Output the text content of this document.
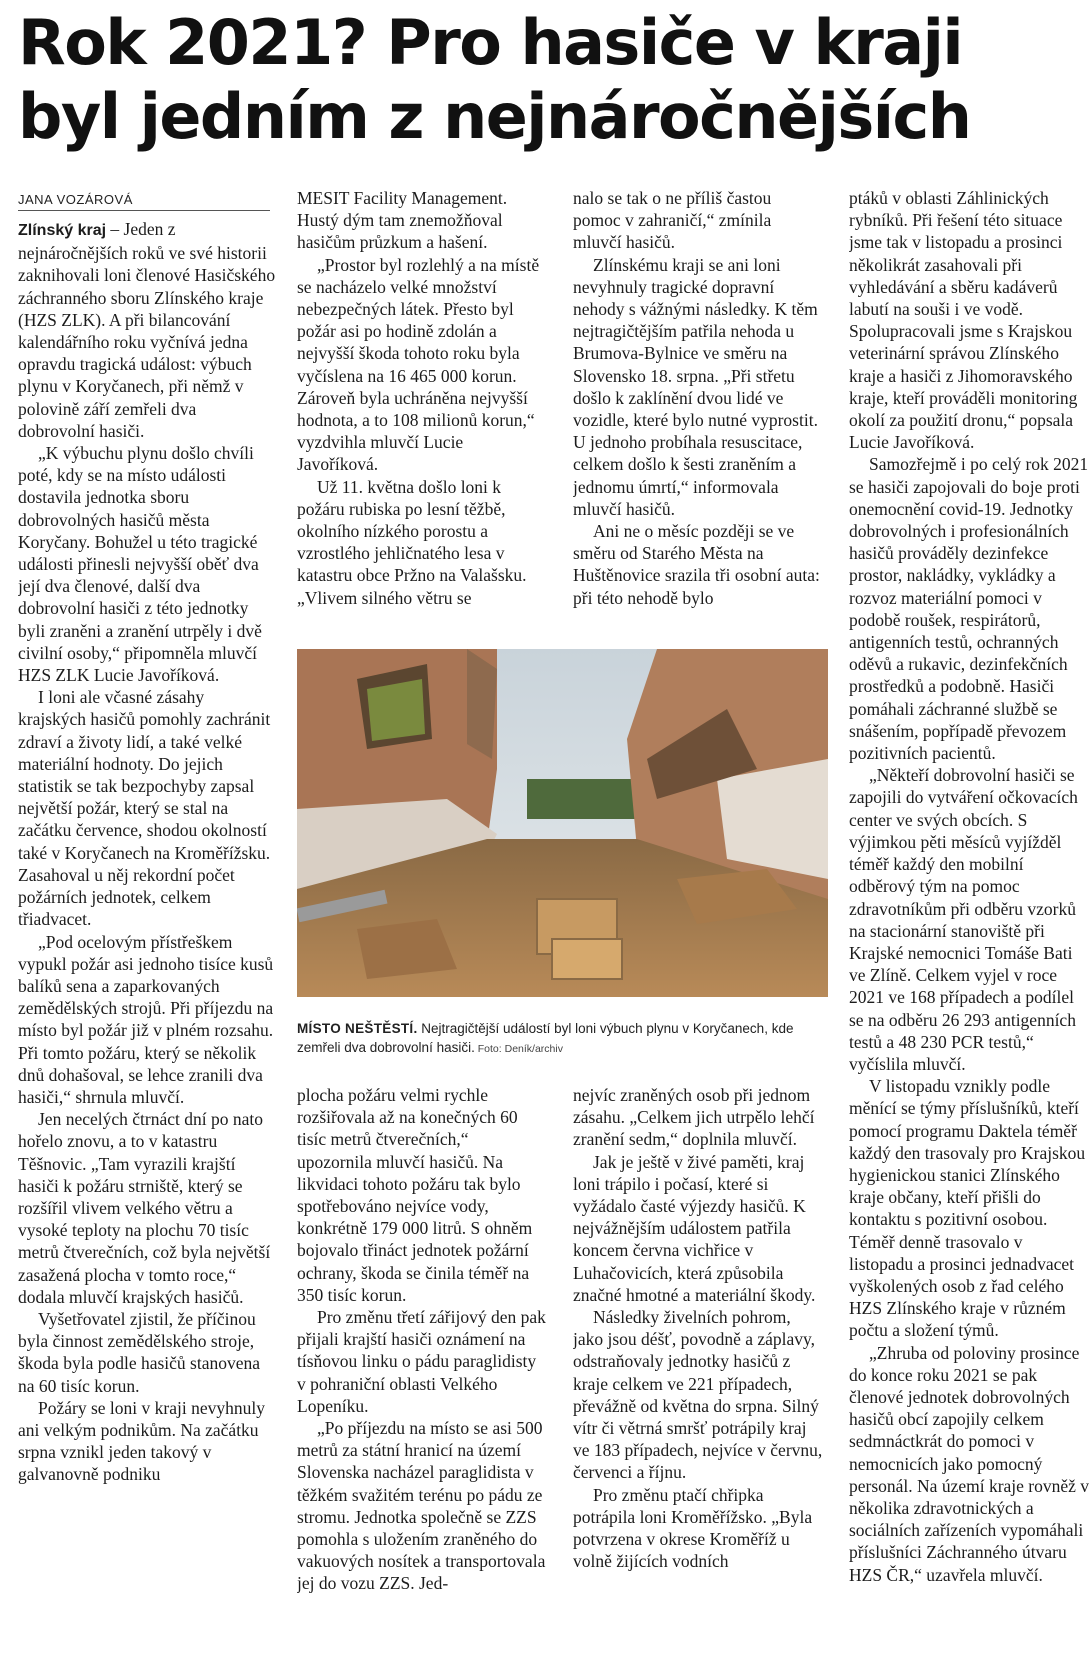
Rok 2021? Pro hasiče v kraji byl jedním z nejnáročnějších
JANA VOZÁROVÁ

Zlínský kraj – Jeden z nejnáročnějších roků ve své historii zaknihovali loni členové Hasičského záchranného sboru Zlínského kraje (HZS ZLK). A při bilancování kalendářního roku vyčnívá jedna opravdu tragická událost: výbuch plynu v Koryčanech, při němž v polovině září zemřeli dva dobrovolní hasiči.

„K výbuchu plynu došlo chvíli poté, kdy se na místo události dostavila jednotka sboru dobrovolných hasičů města Koryčany. Bohužel u této tragické události přinesli nejvyšší oběť dva její dva členové, další dva dobrovolní hasiči z této jednotky byli zraněni a zranění utrpěly i dvě civilní osoby,“ připomněla mluvčí HZS ZLK Lucie Javoříková.

I loni ale včasné zásahy krajských hasičů pomohly zachránit zdraví a životy lidí, a také velké materiální hodnoty. Do jejich statistik se tak bezpochyby zapsal největší požár, který se stal na začátku července, shodou okolností také v Koryčanech na Kroměřížsku. Zasahoval u něj rekordní počet požárních jednotek, celkem třiadvacet.

„Pod ocelovým přístřeškem vypukl požár asi jednoho tisíce kusů balíků sena a zaparkovaných zemědělských strojů. Při příjezdu na místo byl požár již v plném rozsahu. Při tomto požáru, který se několik dnů dohašoval, se lehce zranili dva hasiči,“ shrnula mluvčí.

Jen necelých čtrnáct dní po nato hořelo znovu, a to v katastru Těšnovic. „Tam vyrazili krajští hasiči k požáru strniště, který se rozšířil vlivem velkého větru a vysoké teploty na plochu 70 tisíc metrů čtverečních, což byla největší zasažená plocha v tomto roce,“ dodala mluvčí krajských hasičů.

Vyšetřovatel zjistil, že příčinou byla činnost zemědělského stroje, škoda byla podle hasičů stanovena na 60 tisíc korun.

Požáry se loni v kraji nevyhnuly ani velkým podnikům. Na začátku srpna vznikl jeden takový v galvanovně podniku

MESIT Facility Management. Hustý dým tam znemožňoval hasičům průzkum a hašení.

„Prostor byl rozlehlý a na místě se nacházelo velké množství nebezpečných látek. Přesto byl požár asi po hodině zdolán a nejvyšší škoda tohoto roku byla vyčíslena na 16 465 000 korun. Zároveň byla uchráněna nejvyšší hodnota, a to 108 milionů korun,“ vyzdvihla mluvčí Lucie Javoříková.

Už 11. května došlo loni k požáru rubiska po lesní těžbě, okolního nízkého porostu a vzrostlého jehličnatého lesa v katastru obce Pržno na Valašsku. „Vlivem silného větru se

nalo se tak o ne příliš častou pomoc v zahraničí,“ zmínila mluvčí hasičů.

Zlínskému kraji se ani loni nevyhnuly tragické dopravní nehody s vážnými následky. K těm nejtragičtějším patřila nehoda u Brumova-Bylnice ve směru na Slovensko 18. srpna. „Při střetu došlo k zaklínění dvou lidé ve vozidle, které bylo nutné vyprostit. U jednoho probíhala resuscitace, celkem došlo k šesti zraněním a jednomu úmrtí,“ informovala mluvčí hasičů.

Ani ne o měsíc později se ve směru od Starého Města na Huštěnovice srazila tři osobní auta: při této nehodě bylo

MÍSTO NEŠTĚSTÍ. Nejtragičtější událostí byl loni výbuch plynu v Koryčanech, kde zemřeli dva dobrovolní hasiči. Foto: Deník/archiv

plocha požáru velmi rychle rozšiřovala až na konečných 60 tisíc metrů čtverečních,“ upozornila mluvčí hasičů. Na likvidaci tohoto požáru tak bylo spotřebováno nejvíce vody, konkrétně 179 000 litrů. S ohněm bojovalo třináct jednotek požární ochrany, škoda se činila téměř na 350 tisíc korun.

Pro změnu třetí zářijový den pak přijali krajští hasiči oznámení na tísňovou linku o pádu paraglidisty v pohraniční oblasti Velkého Lopeníku.

„Po příjezdu na místo se asi 500 metrů za státní hranicí na území Slovenska nacházel paraglidista v těžkém svažitém terénu po pádu ze stromu. Jednotka společně se ZZS pomohla s uložením zraněného do vakuových nosítek a transportovala jej do vozu ZZS. Jed-

nejvíc zraněných osob při jednom zásahu. „Celkem jich utrpělo lehčí zranění sedm,“ doplnila mluvčí.

Jak je ještě v živé paměti, kraj loni trápilo i počasí, které si vyžádalo časté výjezdy hasičů. K nejvážnějším událostem patřila koncem června vichřice v Luhačovicích, která způsobila značné hmotné a materiální škody.

Následky živelních pohrom, jako jsou déšť, povodně a záplavy, odstraňovaly jednotky hasičů z kraje celkem ve 221 případech, převážně od května do srpna. Silný vítr či větrná smršť potrápily kraj ve 183 případech, nejvíce v červnu, červenci a říjnu.

Pro změnu ptačí chřipka potrápila loni Kroměřížsko. „Byla potvrzena v okrese Kroměříž u volně žijících vodních

ptáků v oblasti Záhlinických rybníků. Při řešení této situace jsme tak v listopadu a prosinci několikrát zasahovali při vyhledávání a sběru kadáverů labutí na souši i ve vodě. Spolupracovali jsme s Krajskou veterinární správou Zlínského kraje a hasiči z Jihomoravského kraje, kteří prováděli monitoring okolí za použití dronu,“ popsala Lucie Javoříková.

Samozřejmě i po celý rok 2021 se hasiči zapojovali do boje proti onemocnění covid-19. Jednotky dobrovolných i profesionálních hasičů prováděly dezinfekce prostor, nakládky, vykládky a rozvoz materiální pomoci v podobě roušek, respirátorů, antigenních testů, ochranných oděvů a rukavic, dezinfekčních prostředků a podobně. Hasiči pomáhali záchranné službě se snášením, popřípadě převozem pozitivních pacientů.

„Někteří dobrovolní hasiči se zapojili do vytváření očkovacích center ve svých obcích. S výjimkou pěti měsíců vyjížděl téměř každý den mobilní odběrový tým na pomoc zdravotníkům při odběru vzorků na stacionární stanoviště při Krajské nemocnici Tomáše Bati ve Zlíně. Celkem vyjel v roce 2021 ve 168 případech a podílel se na odběru 26 293 antigenních testů a 48 230 PCR testů,“ vyčíslila mluvčí.

V listopadu vznikly podle měnící se týmy příslušníků, kteří pomocí programu Daktela téměř každý den trasovaly pro Krajskou hygienickou stanici Zlínského kraje občany, kteří přišli do kontaktu s pozitivní osobou. Téměř denně trasovalo v listopadu a prosinci jednadvacet vyškolených osob z řad celého HZS Zlínského kraje v různém počtu a složení týmů.

„Zhruba od poloviny prosince do konce roku 2021 se pak členové jednotek dobrovolných hasičů obcí zapojily celkem sedmnáctkrát do pomoci v nemocnicích jako pomocný personál. Na území kraje rovněž v několika zdravotnických a sociálních zařízeních vypomáhali příslušníci Záchranného útvaru HZS ČR,“ uzavřela mluvčí.
